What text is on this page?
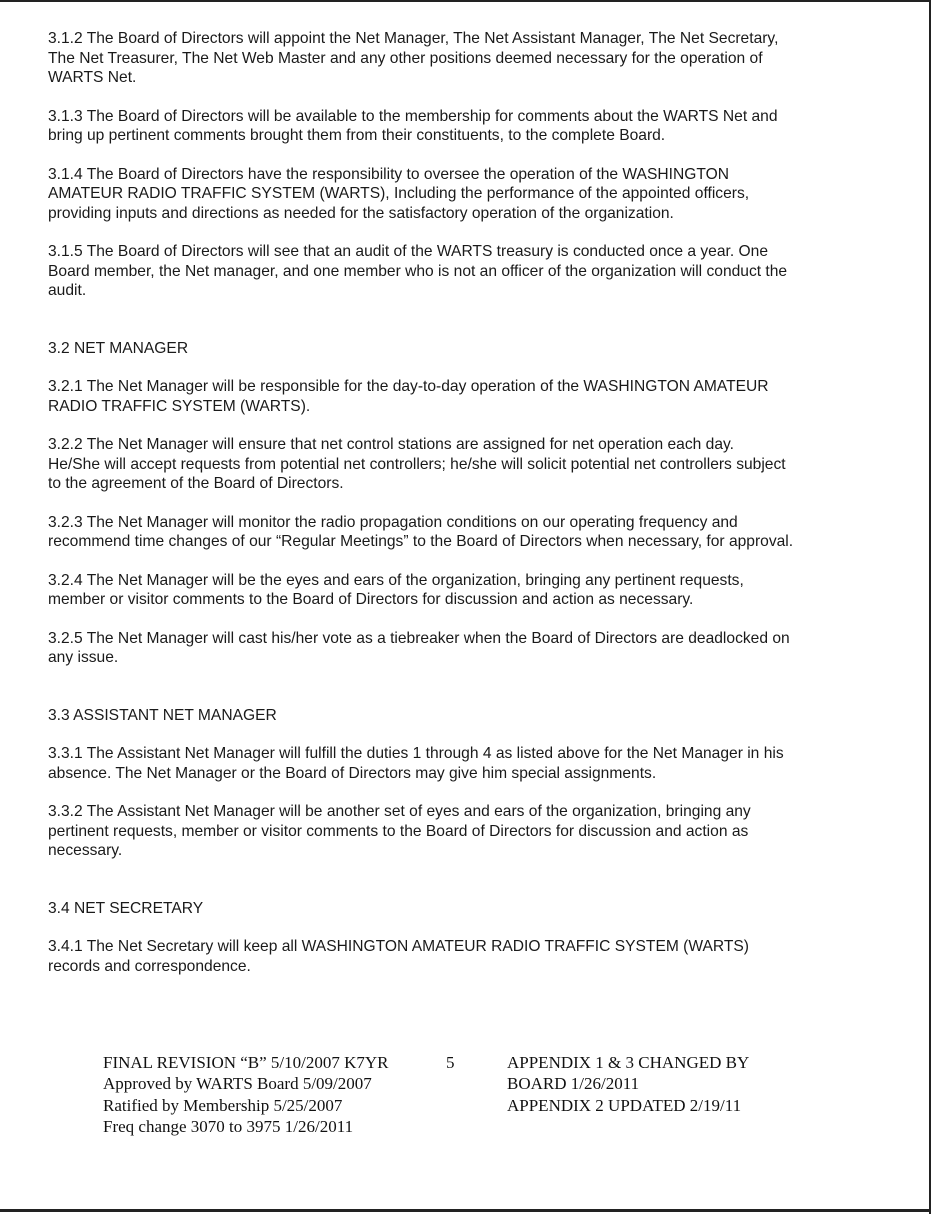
3.1.2 The Board of Directors will appoint the Net Manager, The Net Assistant Manager, The Net Secretary,
The Net Treasurer, The Net Web Master and any other positions deemed necessary for the operation of
WARTS Net.

3.1.3 The Board of Directors will be available to the membership for comments about the WARTS Net and
bring up pertinent comments brought them from their constituents, to the complete Board.

3.1.4 The Board of Directors have the responsibility to oversee the operation of the WASHINGTON
AMATEUR RADIO TRAFFIC SYSTEM (WARTS), Including the performance of the appointed officers,
providing inputs and directions as needed for the satisfactory operation of the organization.

3.1.5 The Board of Directors will see that an audit of the WARTS treasury is conducted once a year. One
Board member, the Net manager, and one member who is not an officer of the organization will conduct the
audit.

3.2 NET MANAGER

3.2.1 The Net Manager will be responsible for the day-to-day operation of the WASHINGTON AMATEUR
RADIO TRAFFIC SYSTEM (WARTS).

3.2.2 The Net Manager will ensure that net control stations are assigned for net operation each day.
He/She will accept requests from potential net controllers; he/she will solicit potential net controllers subject
to the agreement of the Board of Directors.

3.2.3 The Net Manager will monitor the radio propagation conditions on our operating frequency and
recommend time changes of our “Regular Meetings” to the Board of Directors when necessary, for approval.

3.2.4 The Net Manager will be the eyes and ears of the organization, bringing any pertinent requests,
member or visitor comments to the Board of Directors for discussion and action as necessary.

3.2.5 The Net Manager will cast his/her vote as a tiebreaker when the Board of Directors are deadlocked on
any issue.

3.3 ASSISTANT NET MANAGER

3.3.1 The Assistant Net Manager will fulfill the duties 1 through 4 as listed above for the Net Manager in his
absence. The Net Manager or the Board of Directors may give him special assignments.

3.3.2 The Assistant Net Manager will be another set of eyes and ears of the organization, bringing any
pertinent requests, member or visitor comments to the Board of Directors for discussion and action as
necessary.

3.4 NET SECRETARY

3.4.1 The Net Secretary will keep all WASHINGTON AMATEUR RADIO TRAFFIC SYSTEM (WARTS)
records and correspondence.

FINAL REVISION “B” 5/10/2007 K7YR
Approved by WARTS Board 5/09/2007
Ratified by Membership 5/25/2007
Freq change 3070 to 3975 1/26/2011
5	APPENDIX 1 & 3 CHANGED BY
BOARD 1/26/2011
APPENDIX 2 UPDATED 2/19/11
